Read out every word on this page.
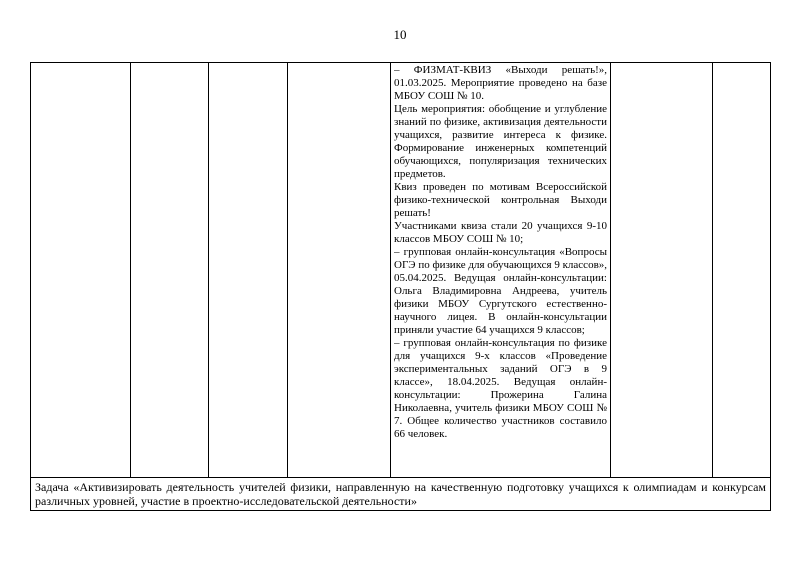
10

– ФИЗМАТ-КВИЗ «Выходи решать!», 01.03.2025. Мероприятие проведено на базе МБОУ СОШ № 10.

Цель мероприятия: обобщение и углубление знаний по физике, активизация деятельности учащихся, развитие интереса к физике. Формирование инженерных компетенций обучающихся, популяризация технических предметов.

Квиз проведен по мотивам Всероссийской физико-технической контрольная Выходи решать!

Участниками квиза стали 20 учащихся 9-10 классов МБОУ СОШ № 10;

– групповая онлайн-консультация «Вопросы ОГЭ по физике для обучающихся 9 классов», 05.04.2025. Ведущая онлайн-консультации: Ольга Владимировна Андреева, учитель физики МБОУ Сургутского естественно-научного лицея. В онлайн-консультации приняли участие 64 учащихся 9 классов;

– групповая онлайн-консультация по физике для учащихся 9-х классов «Проведение экспериментальных заданий ОГЭ в 9 классе», 18.04.2025. Ведущая онлайн-консультации: Прожерина Галина Николаевна, учитель физики МБОУ СОШ № 7. Общее количество участников составило 66 человек.

Задача «Активизировать деятельность учителей физики, направленную на качественную подготовку учащихся к олимпиадам и конкурсам различных уровней, участие в проектно-исследовательской деятельности»
